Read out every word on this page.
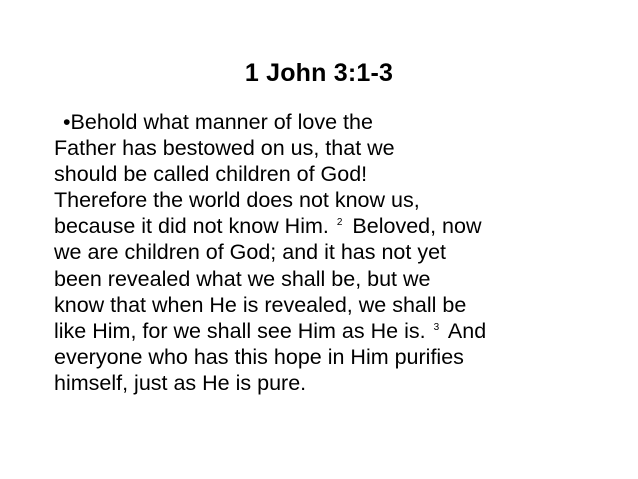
1 John 3:1-3
•Behold what manner of love the
Father has bestowed on us, that we
should be called children of God!
Therefore the world does not know us,
because it did not know Him. $^2$ Beloved, now
we are children of God; and it has not yet
been revealed what we shall be, but we
know that when He is revealed, we shall be
like Him, for we shall see Him as He is. $^3$ And
everyone who has this hope in Him purifies
himself, just as He is pure.
